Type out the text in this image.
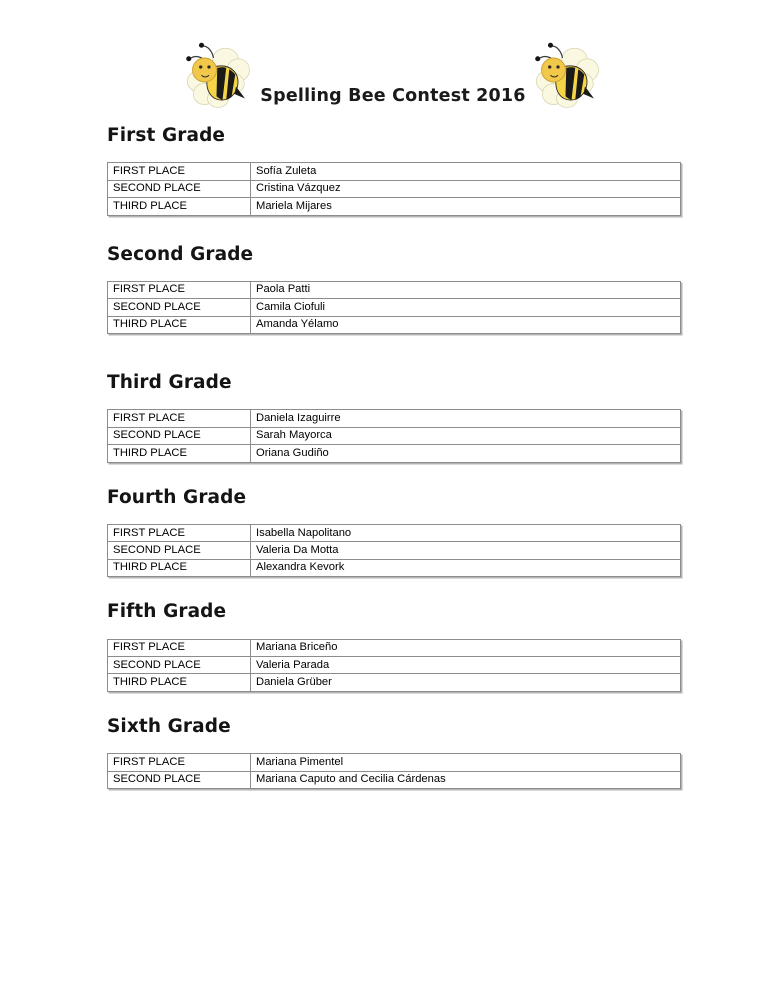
Spelling Bee Contest 2016
First Grade
FIRST PLACE	Sofía Zuleta
SECOND PLACE	Cristina Vázquez
THIRD PLACE	Mariela Mijares
Second Grade
FIRST PLACE	Paola Patti
SECOND PLACE	Camila Ciofuli
THIRD PLACE	Amanda Yélamo
Third Grade
FIRST PLACE	Daniela Izaguirre
SECOND PLACE	Sarah Mayorca
THIRD PLACE	Oriana Gudiño
Fourth Grade
FIRST PLACE	Isabella Napolitano
SECOND PLACE	Valeria Da Motta
THIRD PLACE	Alexandra Kevork
Fifth Grade
FIRST PLACE	Mariana Briceño
SECOND PLACE	Valeria Parada
THIRD PLACE	Daniela Grüber
Sixth Grade
FIRST PLACE	Mariana Pimentel
SECOND PLACE	Mariana Caputo and Cecilia Cárdenas
